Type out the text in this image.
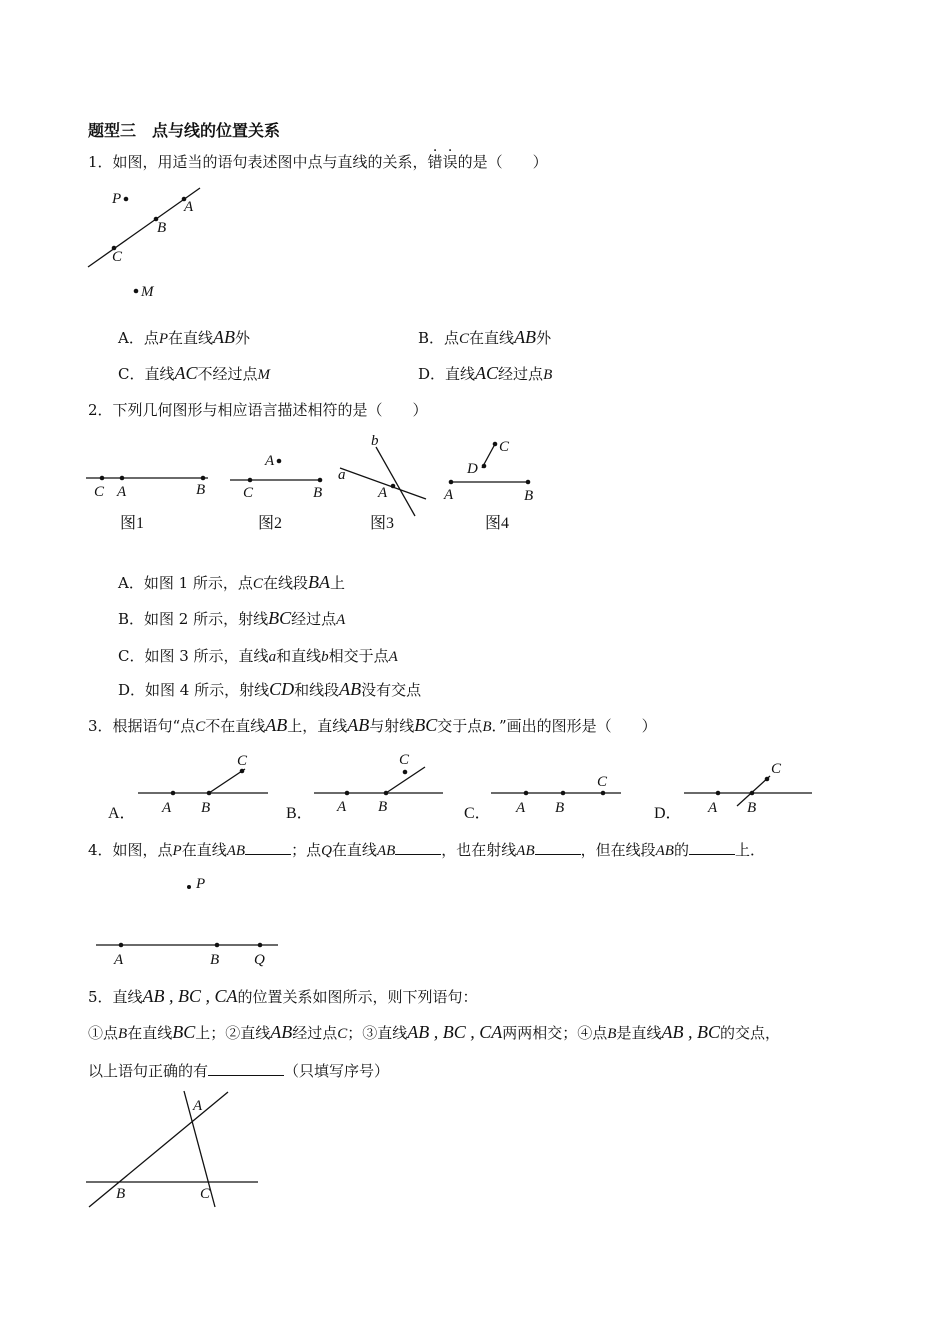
题型三　点与线的位置关系
1．如图，用适当的语句表述图中点与直线的关系，错误的是（　　）
P	A
B
C
M
A．点P在直线AB外	B．点C在直线AB外
C．直线AC不经过点M	D．直线AC经过点B
2．下列几何图形与相应语言描述相符的是（　　）
C A	B
图1
A
C	B
图2
b
a
A
图3
C
D
A	B
图4
A．如图 1 所示，点C在线段BA上
B．如图 2 所示，射线BC经过点A
C．如图 3 所示，直线a和直线b相交于点A
D．如图 4 所示，射线CD和线段AB没有交点
3．根据语句“点C不在直线AB上，直线AB与射线BC交于点B．”画出的图形是（　　）
A． A B
C
B． A B
C
C． A B
C
D． A B
C
4．如图，点P在直线AB	；点Q在直线AB	，也在射线AB	，但在线段AB的	上．
P
A	B Q
5．直线AB , BC , CA的位置关系如图所示，则下列语句：
①点B在直线BC上；②直线AB经过点C；③直线AB , BC , CA两两相交；④点B是直线AB , BC的交点，
以上语句正确的有	（只填写序号）
A
B	C
